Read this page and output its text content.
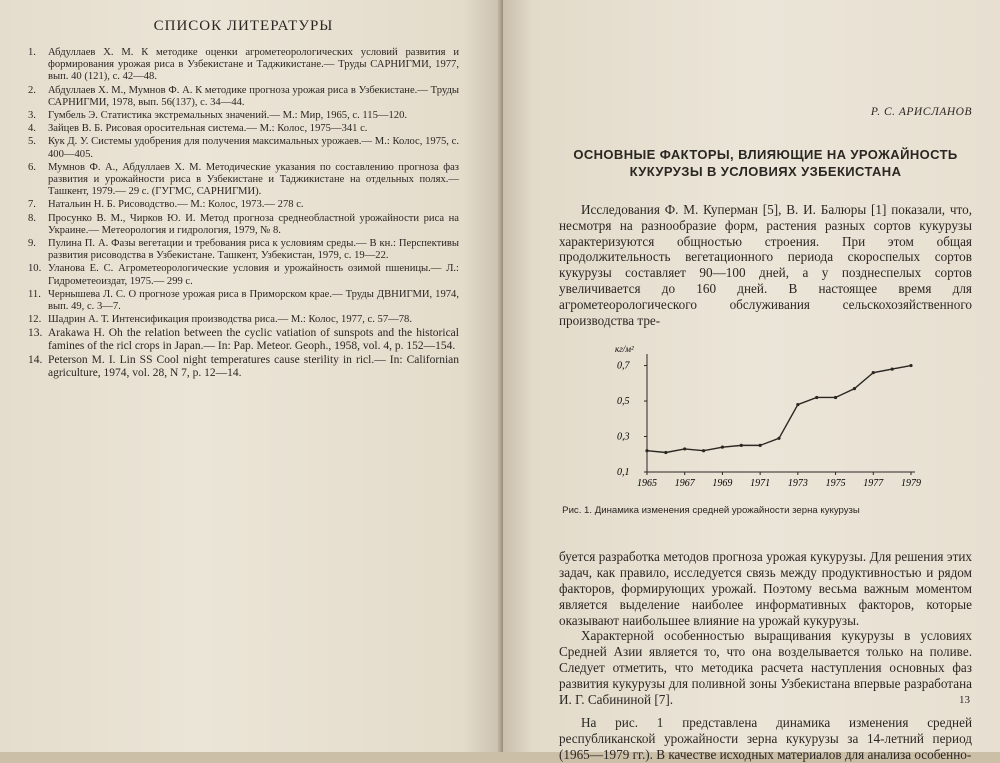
СПИСОК ЛИТЕРАТУРЫ
1. Абдуллаев Х. М. К методике оценки агрометеорологических условий развития и формирования урожая риса в Узбекистане и Таджикистане.— Труды САРНИГМИ, 1977, вып. 40 (121), с. 42—48.
2. Абдуллаев Х. М., Мумнов Ф. А. К методике прогноза урожая риса в Узбекистане.— Труды САРНИГМИ, 1978, вып. 56(137), с. 34—44.
3. Гумбель Э. Статистика экстремальных значений.— М.: Мир, 1965, с. 115—120.
4. Зайцев В. Б. Рисовая оросительная система.— М.: Колос, 1975—341 с.
5. Кук Д. У. Системы удобрения для получения максимальных урожаев.— М.: Колос, 1975, с. 400—405.
6. Мумнов Ф. А., Абдуллаев Х. М. Методические указания по составлению прогноза фаз развития и урожайности риса в Узбекистане и Таджикистане на отдельных полях.— Ташкент, 1979.— 29 с. (ГУГМС, САРНИГМИ).
7. Натальин Н. Б. Рисоводство.— М.: Колос, 1973.— 278 с.
8. Просунко В. М., Чирков Ю. И. Метод прогноза среднеобластной урожайности риса на Украине.— Метеорология и гидрология, 1979, № 8.
9. Пулина П. А. Фазы вегетации и требования риса к условиям среды.— В кн.: Перспективы развития рисоводства в Узбекистане. Ташкент, Узбекистан, 1979, с. 19—22.
10. Уланова Е. С. Агрометеорологические условия и урожайность озимой пшеницы.— Л.: Гидрометеоиздат, 1975.— 299 с.
11. Чернышева Л. С. О прогнозе урожая риса в Приморском крае.— Труды ДВНИГМИ, 1974, вып. 49, с. 3—7.
12. Шадрин А. Т. Интенсификация производства риса.— М.: Колос, 1977, с. 57—78.
13. Arakawa H. Oh the relation between the cyclic vatiation of sunspots and the historical famines of the ricl crops in Japan.— In: Pap. Meteor. Geoph., 1958, vol. 4, p. 152—154.
14. Peterson M. I. Lin SS Cool night temperatures cause sterility in ricl.— In: Californian agriculture, 1974, vol. 28, N 7, p. 12—14.
Р. С. АРИСЛАНОВ
ОСНОВНЫЕ ФАКТОРЫ, ВЛИЯЮЩИЕ НА УРОЖАЙНОСТЬ КУКУРУЗЫ В УСЛОВИЯХ УЗБЕКИСТАНА

Исследования Ф. М. Куперман [5], В. И. Балюры [1] показали, что, несмотря на разнообразие форм, растения разных сортов кукурузы характеризуются общностью строения. При этом общая продолжительность вегетационного периода скороспелых сортов кукурузы составляет 90—100 дней, а у позднеспелых сортов увеличивается до 160 дней. В настоящее время для агрометеорологического обслуживания сельскохозяйственного производства тре-

кг/м²
0,1
0,3
0,5
0,7
1965 1967 1969 1971 1973 1975 1977 1979
Рис. 1. Динамика изменения средней урожайности зерна кукурузы

буется разработка методов прогноза урожая кукурузы. Для решения этих задач, как правило, исследуется связь между продуктивностью и рядом факторов, формирующих урожай. Поэтому весьма важным моментом является выделение наиболее информативных факторов, которые оказывают наибольшее влияние на урожай кукурузы.

Характерной особенностью выращивания кукурузы в условиях Средней Азии является то, что она возделывается только на поливе. Следует отметить, что методика расчета наступления основных фаз развития кукурузы для поливной зоны Узбекистана впервые разработана И. Г. Сабининой [7].

На рис. 1 представлена динамика изменения средней республиканской урожайности зерна кукурузы за 14-летний период (1965—1979 гг.). В качестве исходных материалов для анализа особенно-

13
